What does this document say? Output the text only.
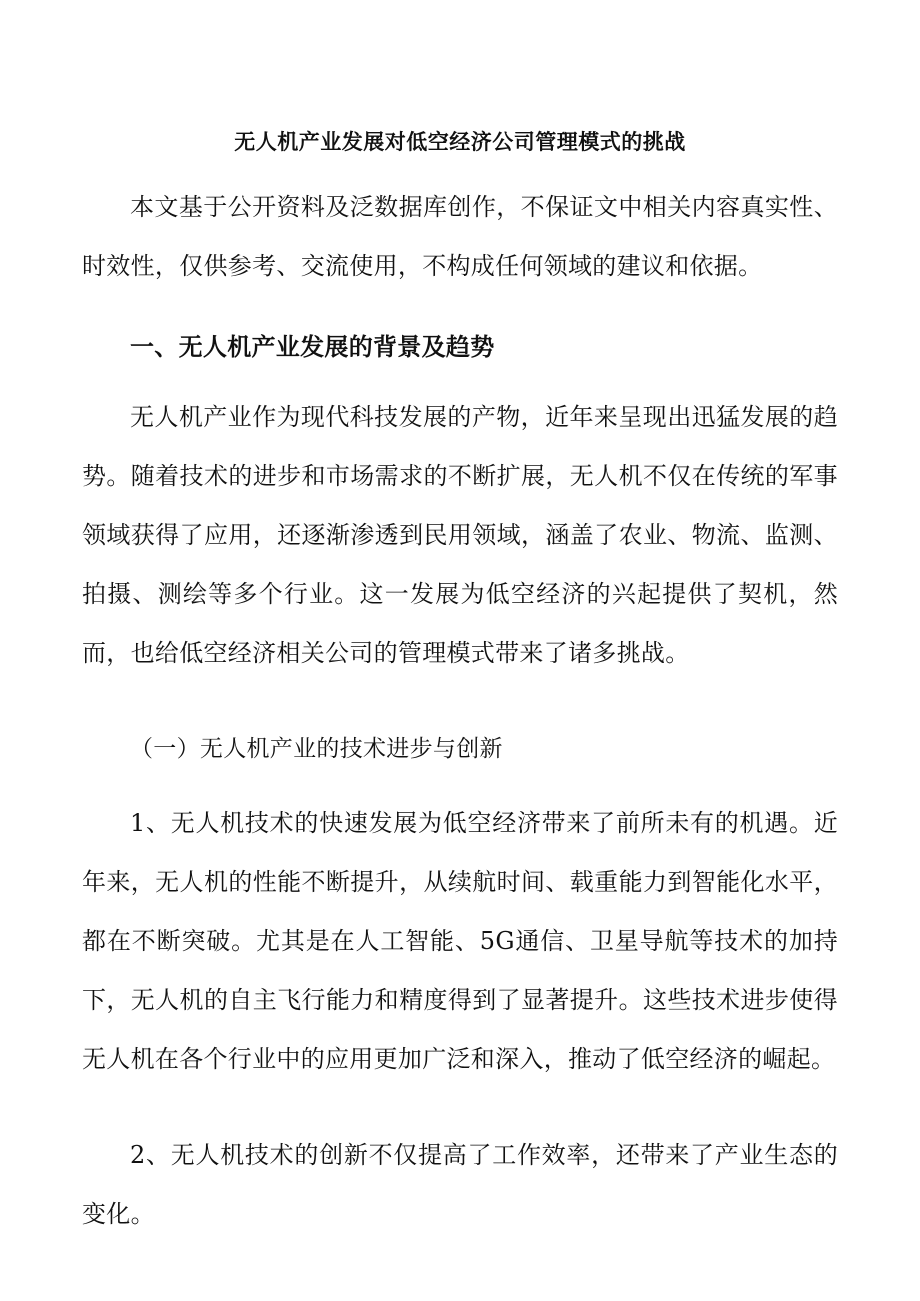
无人机产业发展对低空经济公司管理模式的挑战
本文基于公开资料及泛数据库创作，不保证文中相关内容真实性、时效性，仅供参考、交流使用，不构成任何领域的建议和依据。
一、无人机产业发展的背景及趋势
无人机产业作为现代科技发展的产物，近年来呈现出迅猛发展的趋势。随着技术的进步和市场需求的不断扩展，无人机不仅在传统的军事领域获得了应用，还逐渐渗透到民用领域，涵盖了农业、物流、监测、拍摄、测绘等多个行业。这一发展为低空经济的兴起提供了契机，然而，也给低空经济相关公司的管理模式带来了诸多挑战。
（一）无人机产业的技术进步与创新
1、无人机技术的快速发展为低空经济带来了前所未有的机遇。近年来，无人机的性能不断提升，从续航时间、载重能力到智能化水平，都在不断突破。尤其是在人工智能、5G通信、卫星导航等技术的加持下，无人机的自主飞行能力和精度得到了显著提升。这些技术进步使得无人机在各个行业中的应用更加广泛和深入，推动了低空经济的崛起。
2、无人机技术的创新不仅提高了工作效率，还带来了产业生态的变化。
